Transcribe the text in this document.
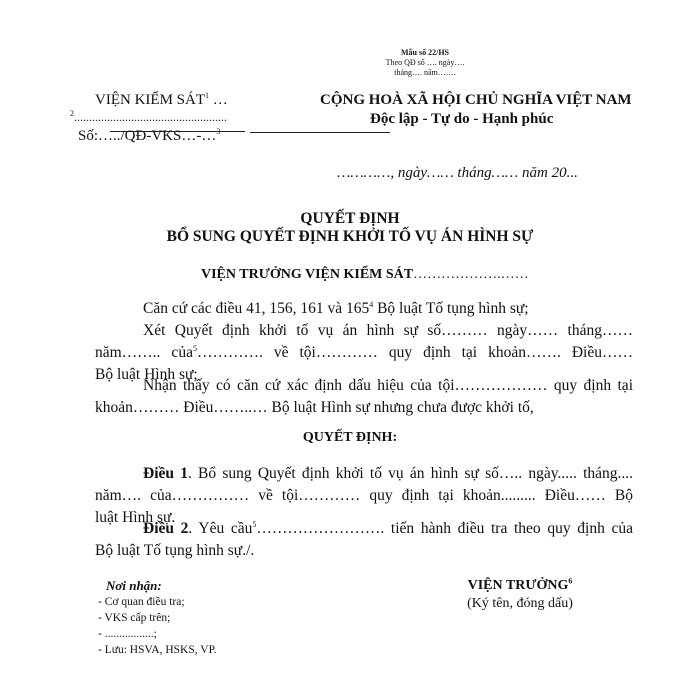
Mẫu số 22/HS
Theo QĐ số …. ngày….
tháng…. năm…….
VIỆN KIỂM SÁT$^1$ …
$^2$...................................................
Số:…../QĐ-VKS…-…$^3$
CỘNG HOÀ XÃ HỘI CHỦ NGHĨA VIỆT NAM
Độc lập - Tự do - Hạnh phúc
…………, ngày…… tháng…… năm 20...
QUYẾT ĐỊNH
BỔ SUNG QUYẾT ĐỊNH KHỞI TỐ VỤ ÁN HÌNH SỰ
VIỆN TRƯỞNG VIỆN KIỂM SÁT……………….……
Căn cứ các điều 41, 156, 161 và $165^4$ Bộ luật Tố tụng hình sự;
Xét Quyết định khởi tố vụ án hình sự số……… ngày…… tháng……
năm…….. của$^5$…………. về tội………… quy định tại khoản……. Điều……
Bộ luật Hình sự;
Nhận thấy có căn cứ xác định dấu hiệu của tội……………… quy định tại
khoản……… Điều……..… Bộ luật Hình sự nhưng chưa được khởi tố,
QUYẾT ĐỊNH:
Điều 1. Bổ sung Quyết định khởi tố vụ án hình sự số….. ngày..... tháng....
năm…. của…………… về tội………… quy định tại khoản......... Điều…… Bộ
luật Hình sự.
Điều 2. Yêu cầu$^5$……………………. tiến hành điều tra theo quy định của
Bộ luật Tố tụng hình sự./.
Nơi nhận:
- Cơ quan điều tra;
- VKS cấp trên;
- .................;
- Lưu: HSVA, HSKS, VP.
VIỆN TRƯỞNG$^6$
(Ký tên, đóng dấu)
